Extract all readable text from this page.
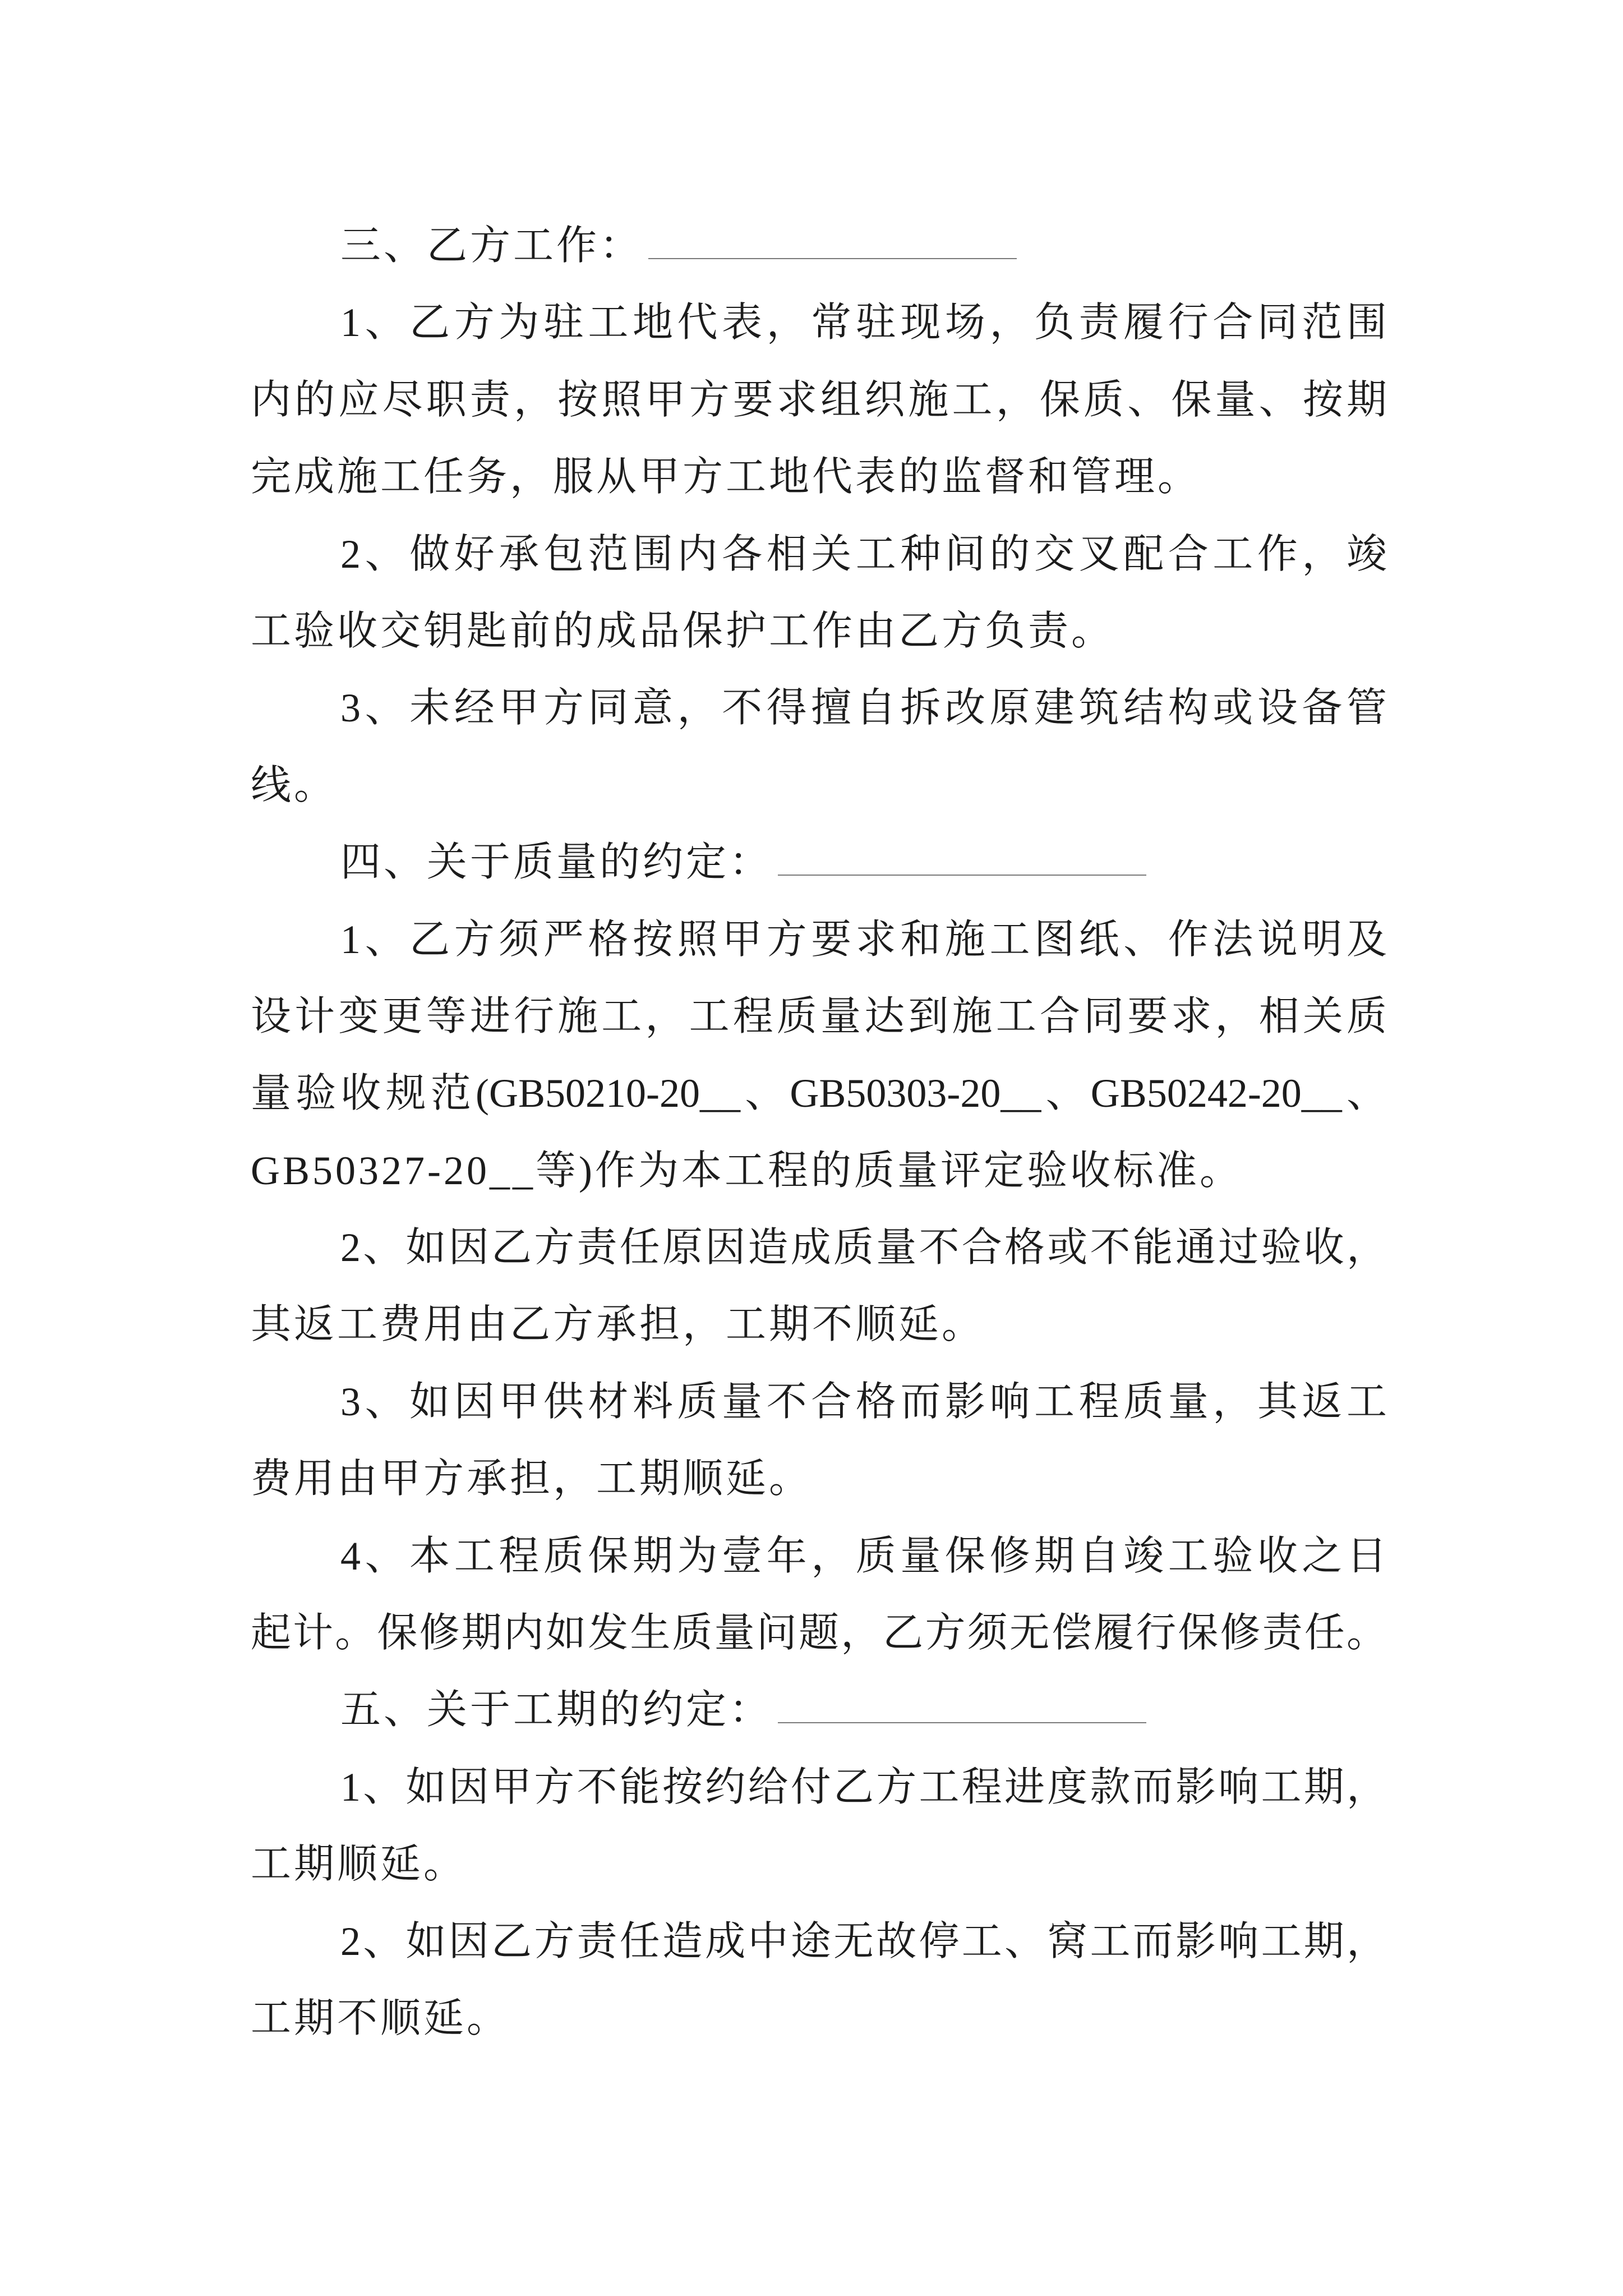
三、乙方工作：
1、乙方为驻工地代表，常驻现场，负责履行合同范围
内的应尽职责，按照甲方要求组织施工，保质、保量、按期
完成施工任务，服从甲方工地代表的监督和管理。
2、做好承包范围内各相关工种间的交叉配合工作，竣
工验收交钥匙前的成品保护工作由乙方负责。
3、未经甲方同意，不得擅自拆改原建筑结构或设备管
线。
四、关于质量的约定：
1、乙方须严格按照甲方要求和施工图纸、作法说明及
设计变更等进行施工，工程质量达到施工合同要求，相关质
量验收规范(GB50210-20__、GB50303-20__、GB50242-20__、
GB50327-20__等)作为本工程的质量评定验收标准。
2、如因乙方责任原因造成质量不合格或不能通过验收，
其返工费用由乙方承担，工期不顺延。
3、如因甲供材料质量不合格而影响工程质量，其返工
费用由甲方承担，工期顺延。
4、本工程质保期为壹年，质量保修期自竣工验收之日
起计。保修期内如发生质量问题，乙方须无偿履行保修责任。
五、关于工期的约定：
1、如因甲方不能按约给付乙方工程进度款而影响工期，
工期顺延。
2、如因乙方责任造成中途无故停工、窝工而影响工期，
工期不顺延。
